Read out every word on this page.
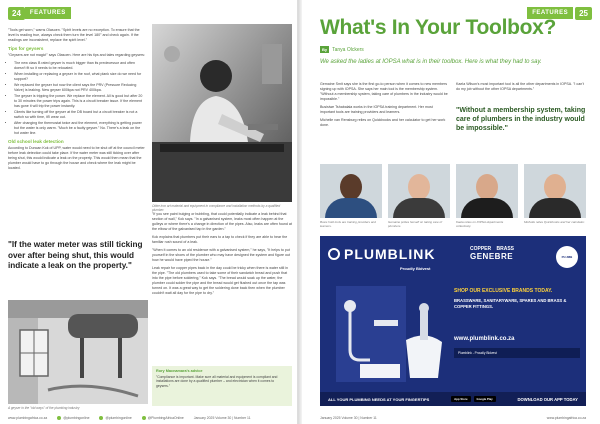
24	FEATURES

"Tools get worn," warns Olasoen. "Spirit levels are no exception. To ensure that the level is reading true, always check them turn the level 180° and check again. If the readings are inconsistent, replace the spirit level."

Tips for geysers

"Geysers are not magic!" says Olasoen. Here are his tips and tales regarding geysers:

• The new class B rated geyser is much bigger than its predecessor and often doesn't fit so it needs to be relocated.
• When installing or replacing a geyser in the roof, what plank size do we need for support?
• We replaced the geyser but now the client says the PRV (Pressure Reducing Valve) is leaking. New geyser 600kpa not PRV 400kpa.
• The geyser is tripping the power. We replace the element. All is good but after 20 to 30 minutes the power trips again. This is a circuit breaker issue. If the element has gone it will trip the power instantly.
• Clients like turning off the geyser at the DB board but a circuit breaker is not a switch so with time, it'll wear out.
• After changing the thermostat twice and the element, everything is getting power but the water is only warm. "Much be a faulty geyser." No. There's a leak on the hot water line.
Old school leak detection

According to Duncan Kok of UPP, water would need to be shut off at the council meter before leak detection could take place. If the water meter was still ticking over after being shut, this would indicate a leak on the property. This would then mean that the plumber would have to go through the house and check where the leak might be located.

Older iron art material and equipment in compliance and installation methods by a qualified plumber.
"If the water meter was still ticking over after being shut, this would indicate a leak on the property."
A geyser in the "old ways" of the plumbing industry

"If you see paint bulging or bubbling, that could potentially indicate a leak behind that section of wall," Kok says. "In a galvanised system, leaks most often happen at the gulleys or where there's a change in direction of the pipes. Also, leaks are often found at the elbow of the galvanised tap in the garden."

Kok explains that plumbers put their ears to a tap to check if they are able to hear the familiar rush sound of a leak.

"When it comes to an old residence with a galvanised system," he says, "It helps to put yourself in the shoes of the plumber who may have designed the system and figure out how he would have piped the house."

Leak repair for copper pipes back in the day could be tricky when there is water still in the pipe. "The old plumbers used to take some of their sandwich bread and push that into the pipe before soldering," Kok says. "The bread would soak up the water, the plumber could solder the pipe and the bread would get flushed out once the tap was turned on. It was a great way to get the soldering done back then when the plumber couldn't wait all day for the pipe to dry."

Rory Macnamara's advice
"Compliance is important. Make sure all material and equipment is compliant and installations are done by a qualified plumber – and electrician when it comes to geysers."
www.plumbingafrica.co.za	@plumbingonline	@plumbingonline	@PlumbingAfricaOnline	January 2025 Volume 30 | Number 11
FEATURES	25
What's In Your Toolbox?
By	Tanya Olckers
We asked the ladies at IOPSA what is in their toolbox. Here is what they had to say.

Gemaine Smit says she is the first go-to person when it comes to new members signing up with IOPSA. She says her main tool is the membership system. "Without a membership system, taking care of plumbers in the industry would be impossible."

Busisiwe Tshabalala works in the IOPSA training department. Her most important tools are training providers and learners.

Michelle van Rensburg relies on Quickbooks and her calculator to get her work done.

Kaela Wilson's most important tool is all the other departments in IOPSA. "I can't do my job without the other IOPSA departments."

"Without a membership system, taking care of plumbers in the industry would be impossible."
Busis hold tools are training providers and learners.
Gemaine prides herself on taking care of plumbers.
Kaela relies on IOPSA departments collectively.
Michelle relies Quickbooks and her calculator.
PLUMBLINK
Proudly Bidvest
COPPER BRASS
GENEBRE	PLUMB
SHOP OUR EXCLUSIVE BRANDS TODAY.
BRASSWARE, SANITARYWARE, SPARES AND BRASS & COPPER FITTINGS.
www.plumblink.co.za
Plumblink - Proudly Bidvest
ALL YOUR PLUMBING NEEDS AT YOUR FINGERTIPS	App Store	Google Play	DOWNLOAD OUR APP TODAY
January 2025 Volume 30 | Number 11	www.plumbingafrica.co.za
